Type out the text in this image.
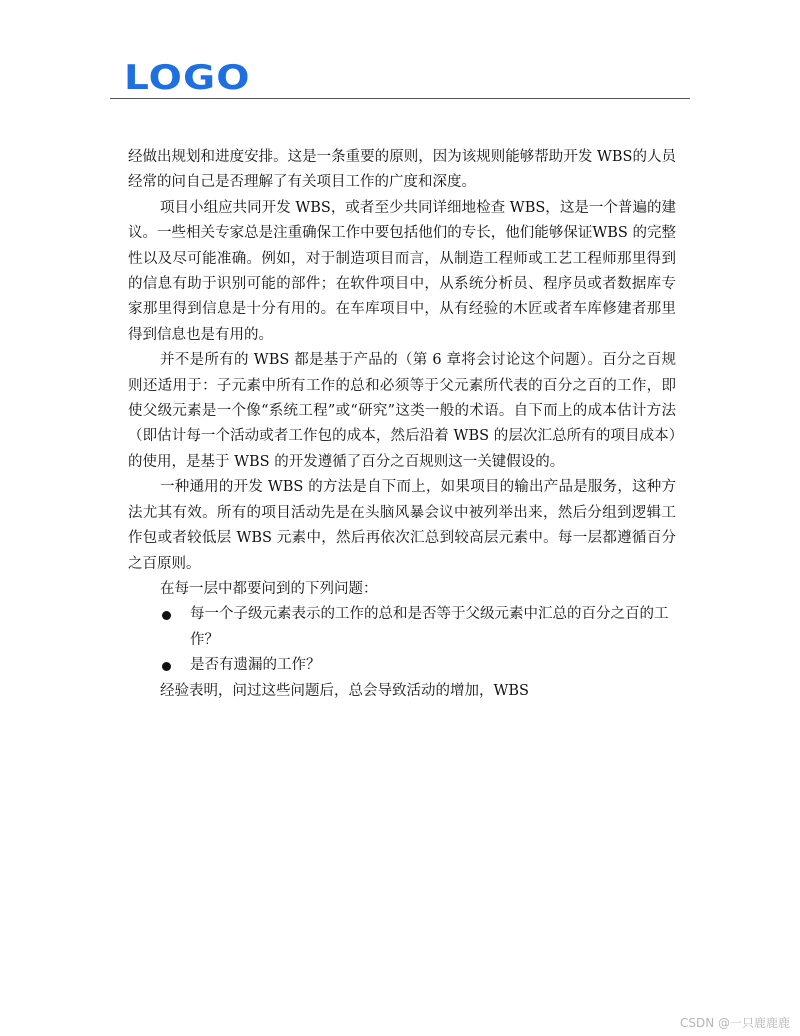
LOGO

经做出规划和进度安排。这是一条重要的原则，因为该规则能够帮助开发 WBS的人员经常的问自己是否理解了有关项目工作的广度和深度。

项目小组应共同开发 WBS，或者至少共同详细地检查 WBS，这是一个普遍的建议。一些相关专家总是注重确保工作中要包括他们的专长，他们能够保证WBS 的完整性以及尽可能准确。例如，对于制造项目而言，从制造工程师或工艺工程师那里得到的信息有助于识别可能的部件；在软件项目中，从系统分析员、程序员或者数据库专家那里得到信息是十分有用的。在车库项目中，从有经验的木匠或者车库修建者那里得到信息也是有用的。

并不是所有的 WBS 都是基于产品的（第 6 章将会讨论这个问题）。百分之百规则还适用于：子元素中所有工作的总和必须等于父元素所代表的百分之百的工作，即使父级元素是一个像“系统工程”或“研究”这类一般的术语。自下而上的成本估计方法（即估计每一个活动或者工作包的成本，然后沿着 WBS 的层次汇总所有的项目成本）的使用，是基于 WBS 的开发遵循了百分之百规则这一关键假设的。

一种通用的开发 WBS 的方法是自下而上，如果项目的输出产品是服务，这种方法尤其有效。所有的项目活动先是在头脑风暴会议中被列举出来，然后分组到逻辑工作包或者较低层 WBS 元素中，然后再依次汇总到较高层元素中。每一层都遵循百分之百原则。

在每一层中都要问到的下列问题：

每一个子级元素表示的工作的总和是否等于父级元素中汇总的百分之百的工作？
是否有遗漏的工作？

经验表明，问过这些问题后，总会导致活动的增加，WBS

CSDN @一只鹿鹿鹿
